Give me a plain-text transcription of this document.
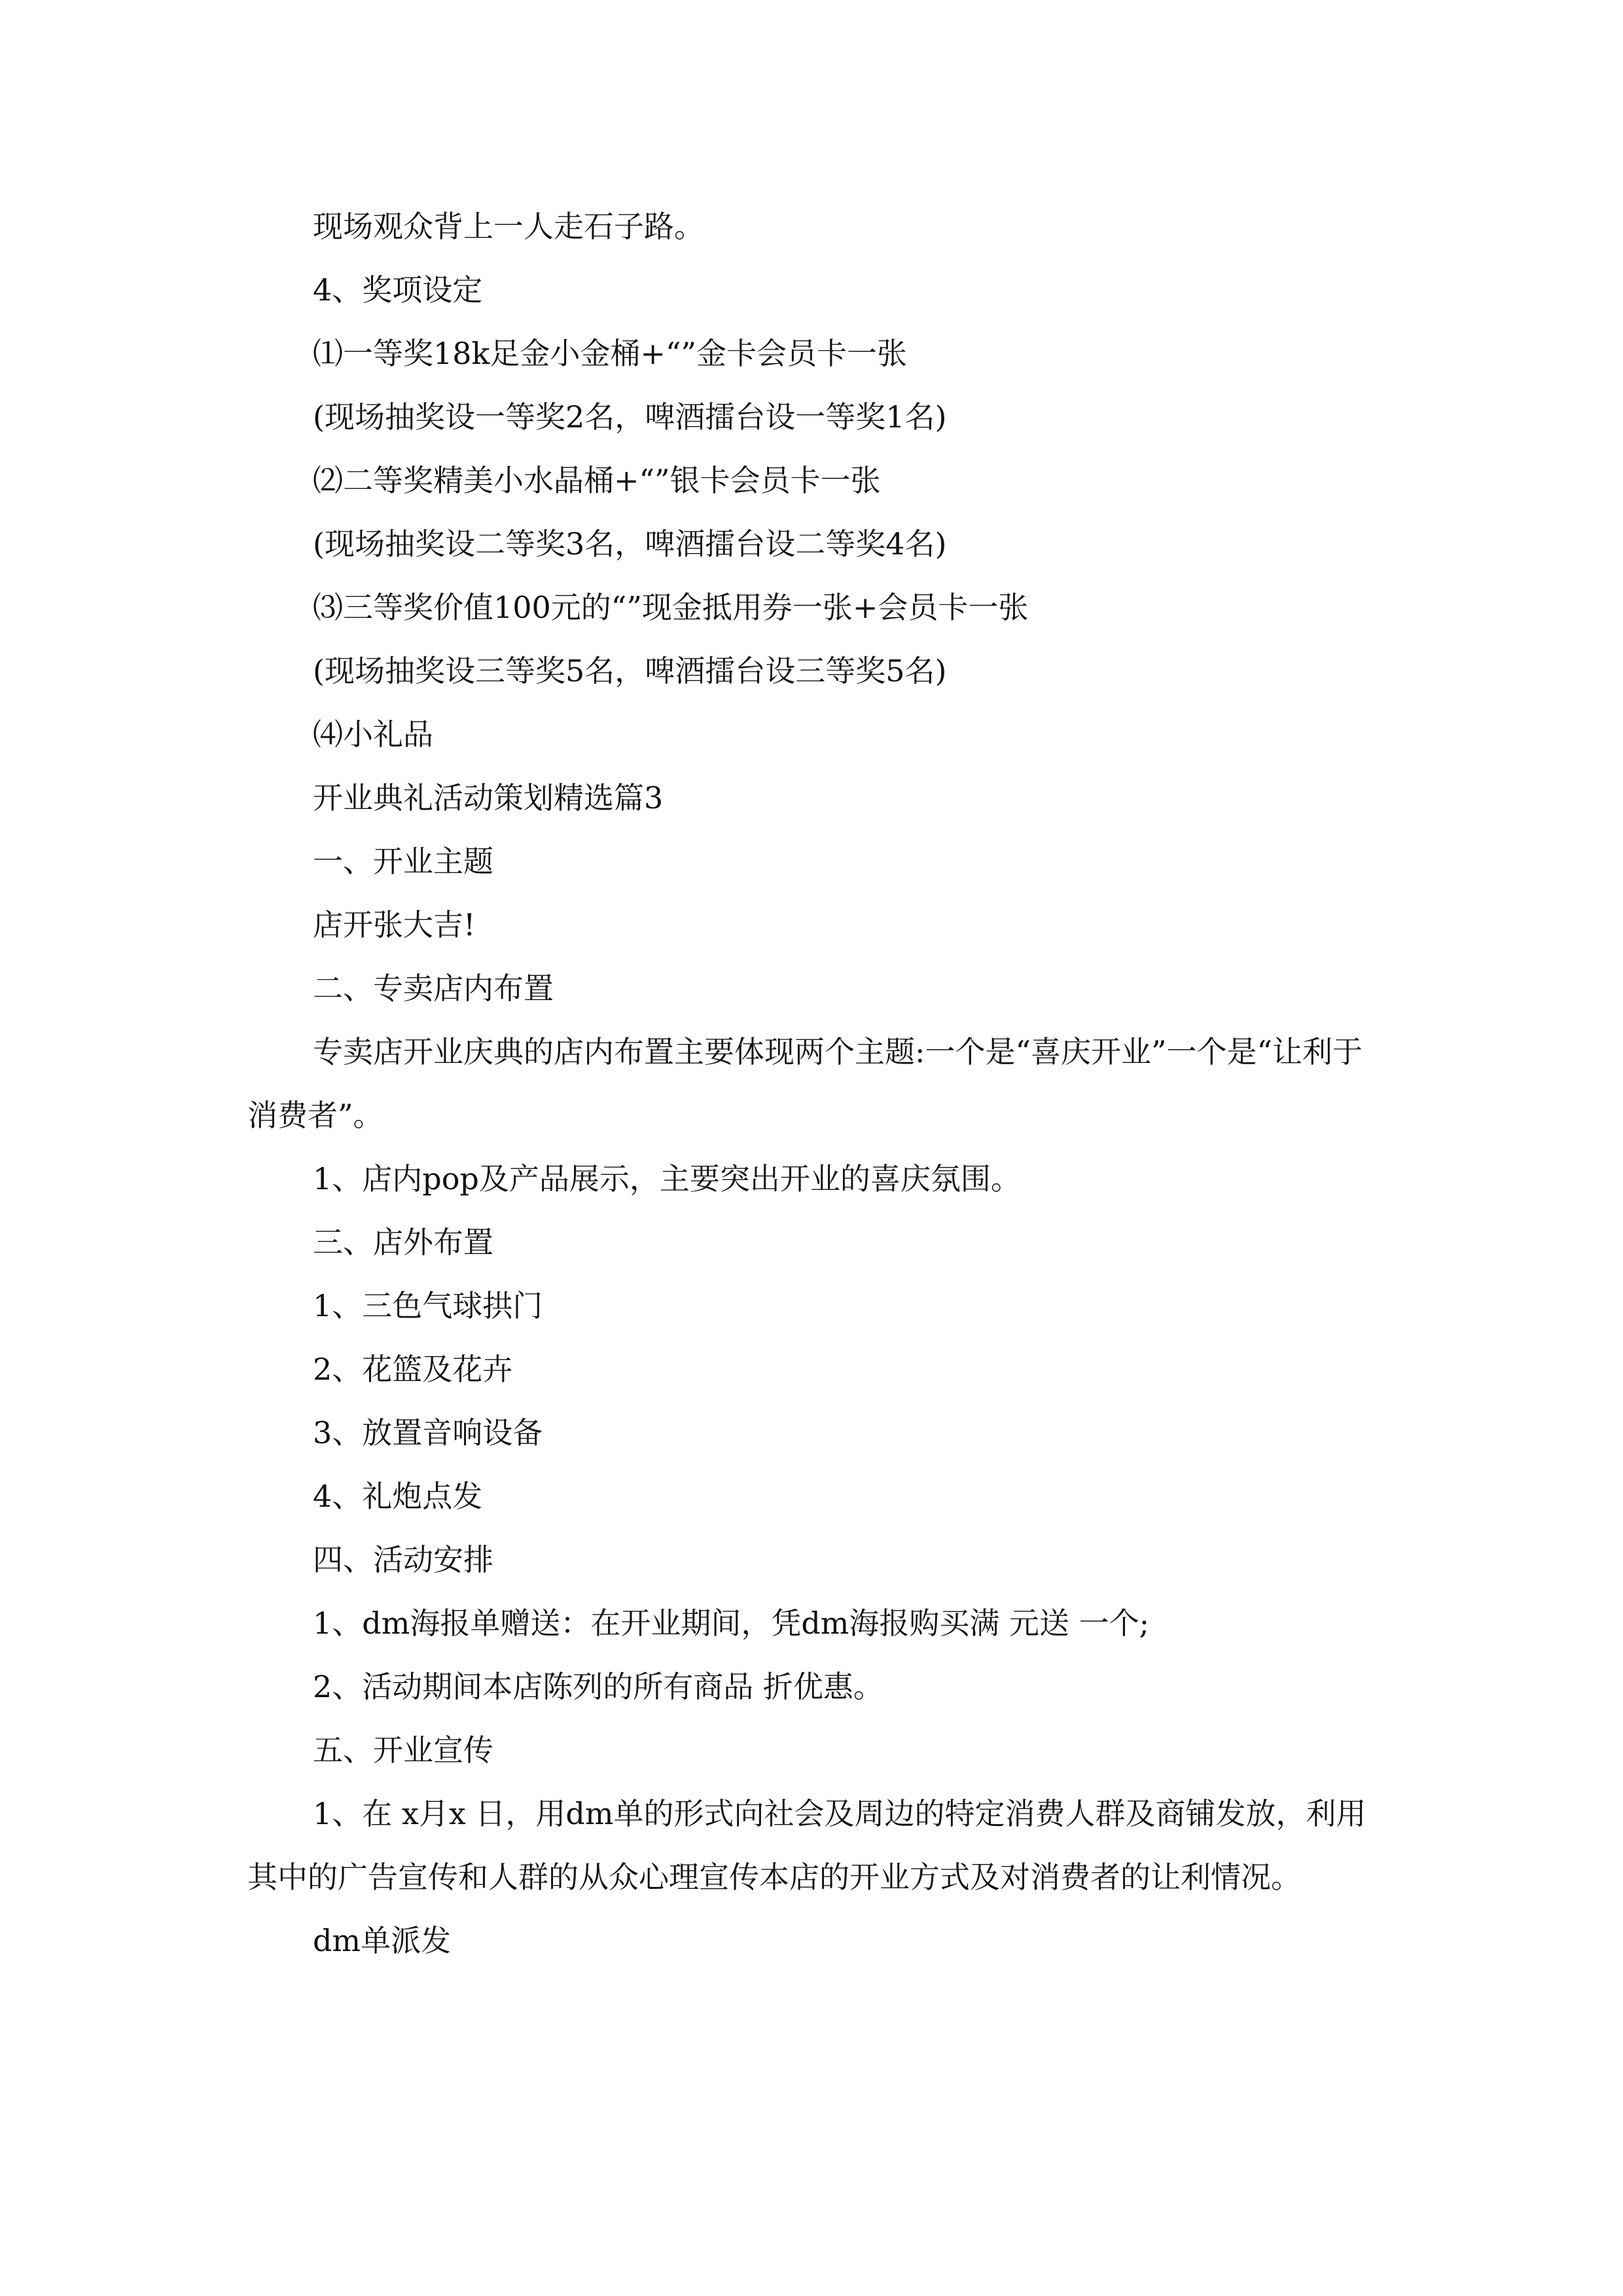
现场观众背上一人走石子路。

4、奖项设定

⑴一等奖18k足金小金桶+“”金卡会员卡一张

(现场抽奖设一等奖2名，啤酒擂台设一等奖1名)

⑵二等奖精美小水晶桶+“”银卡会员卡一张

(现场抽奖设二等奖3名，啤酒擂台设二等奖4名)

⑶三等奖价值100元的“”现金抵用券一张+会员卡一张

(现场抽奖设三等奖5名，啤酒擂台设三等奖5名)

⑷小礼品

开业典礼活动策划精选篇3

一、开业主题

店开张大吉!

二、专卖店内布置

专卖店开业庆典的店内布置主要体现两个主题:一个是“喜庆开业”一个是“让利于消费者”。

1、店内pop及产品展示，主要突出开业的喜庆氛围。

三、店外布置

1、三色气球拱门

2、花篮及花卉

3、放置音响设备

4、礼炮点发

四、活动安排

1、dm海报单赠送：在开业期间，凭dm海报购买满 元送 一个;

2、活动期间本店陈列的所有商品 折优惠。

五、开业宣传

1、在 x月x 日，用dm单的形式向社会及周边的特定消费人群及商铺发放，利用其中的广告宣传和人群的从众心理宣传本店的开业方式及对消费者的让利情况。

dm单派发
